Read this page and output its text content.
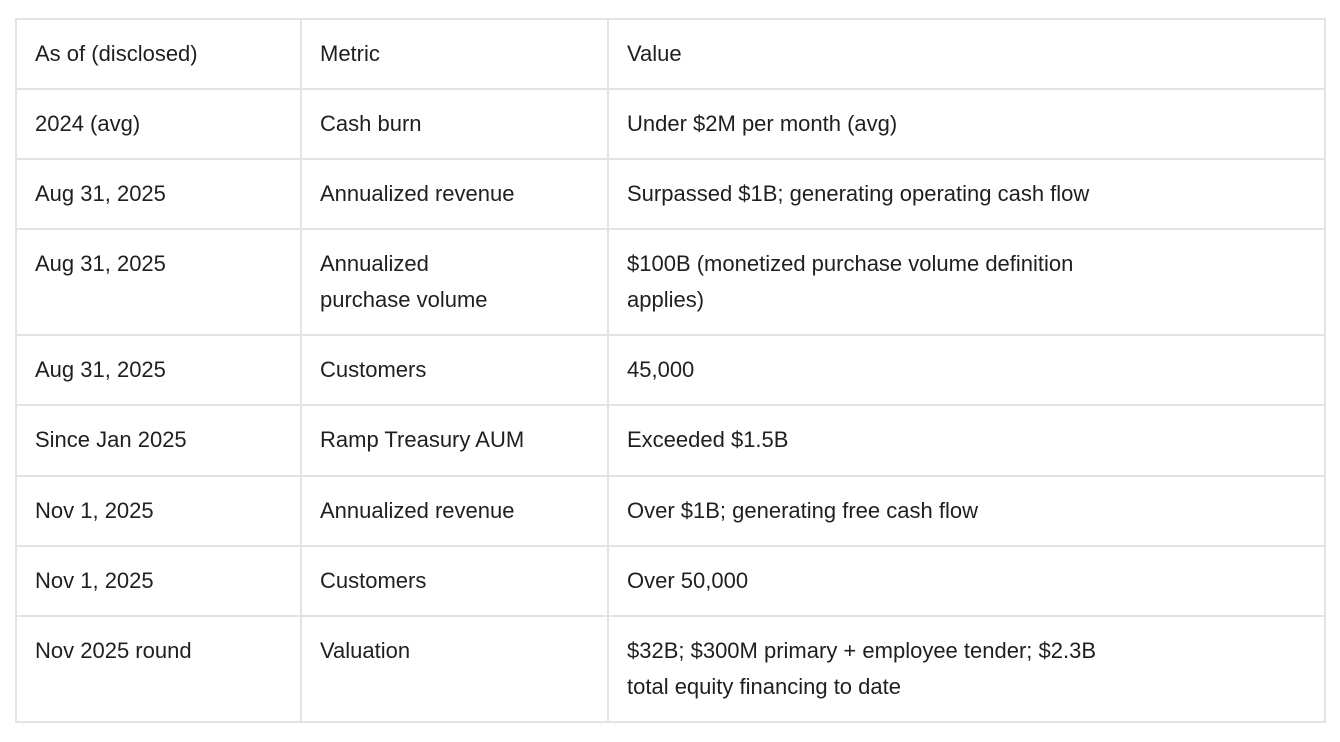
As of (disclosed)	Metric	Value
2024 (avg)	Cash burn	Under $2M per month (avg)
Aug 31, 2025	Annualized revenue	Surpassed $1B; generating operating cash flow
Aug 31, 2025	Annualized purchase volume	$100B (monetized purchase volume definition applies)
Aug 31, 2025	Customers	45,000
Since Jan 2025	Ramp Treasury AUM	Exceeded $1.5B
Nov 1, 2025	Annualized revenue	Over $1B; generating free cash flow
Nov 1, 2025	Customers	Over 50,000
Nov 2025 round	Valuation	$32B; $300M primary + employee tender; $2.3B total equity financing to date
